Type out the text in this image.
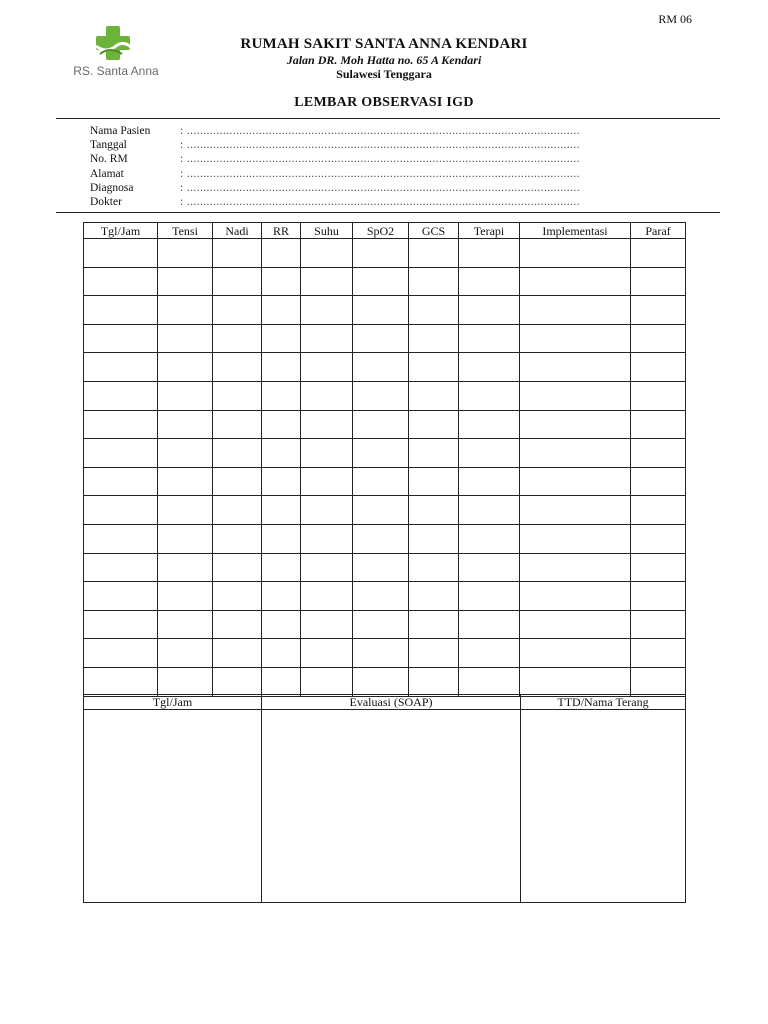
RM 06
RS. Santa Anna
RUMAH SAKIT SANTA ANNA KENDARI
Jalan DR. Moh Hatta no. 65 A Kendari
Sulawesi Tenggara
LEMBAR OBSERVASI IGD
Nama Pasien	: ........................................................................................................................
Tanggal	: ........................................................................................................................
No. RM	: ........................................................................................................................
Alamat	: ........................................................................................................................
Diagnosa	: ........................................................................................................................
Dokter	: ........................................................................................................................
Tgl/Jam	Tensi	Nadi	RR	Suhu	SpO2	GCS	Terapi	Implementasi	Paraf

Tgl/Jam	Evaluasi (SOAP)	TTD/Nama Terang
